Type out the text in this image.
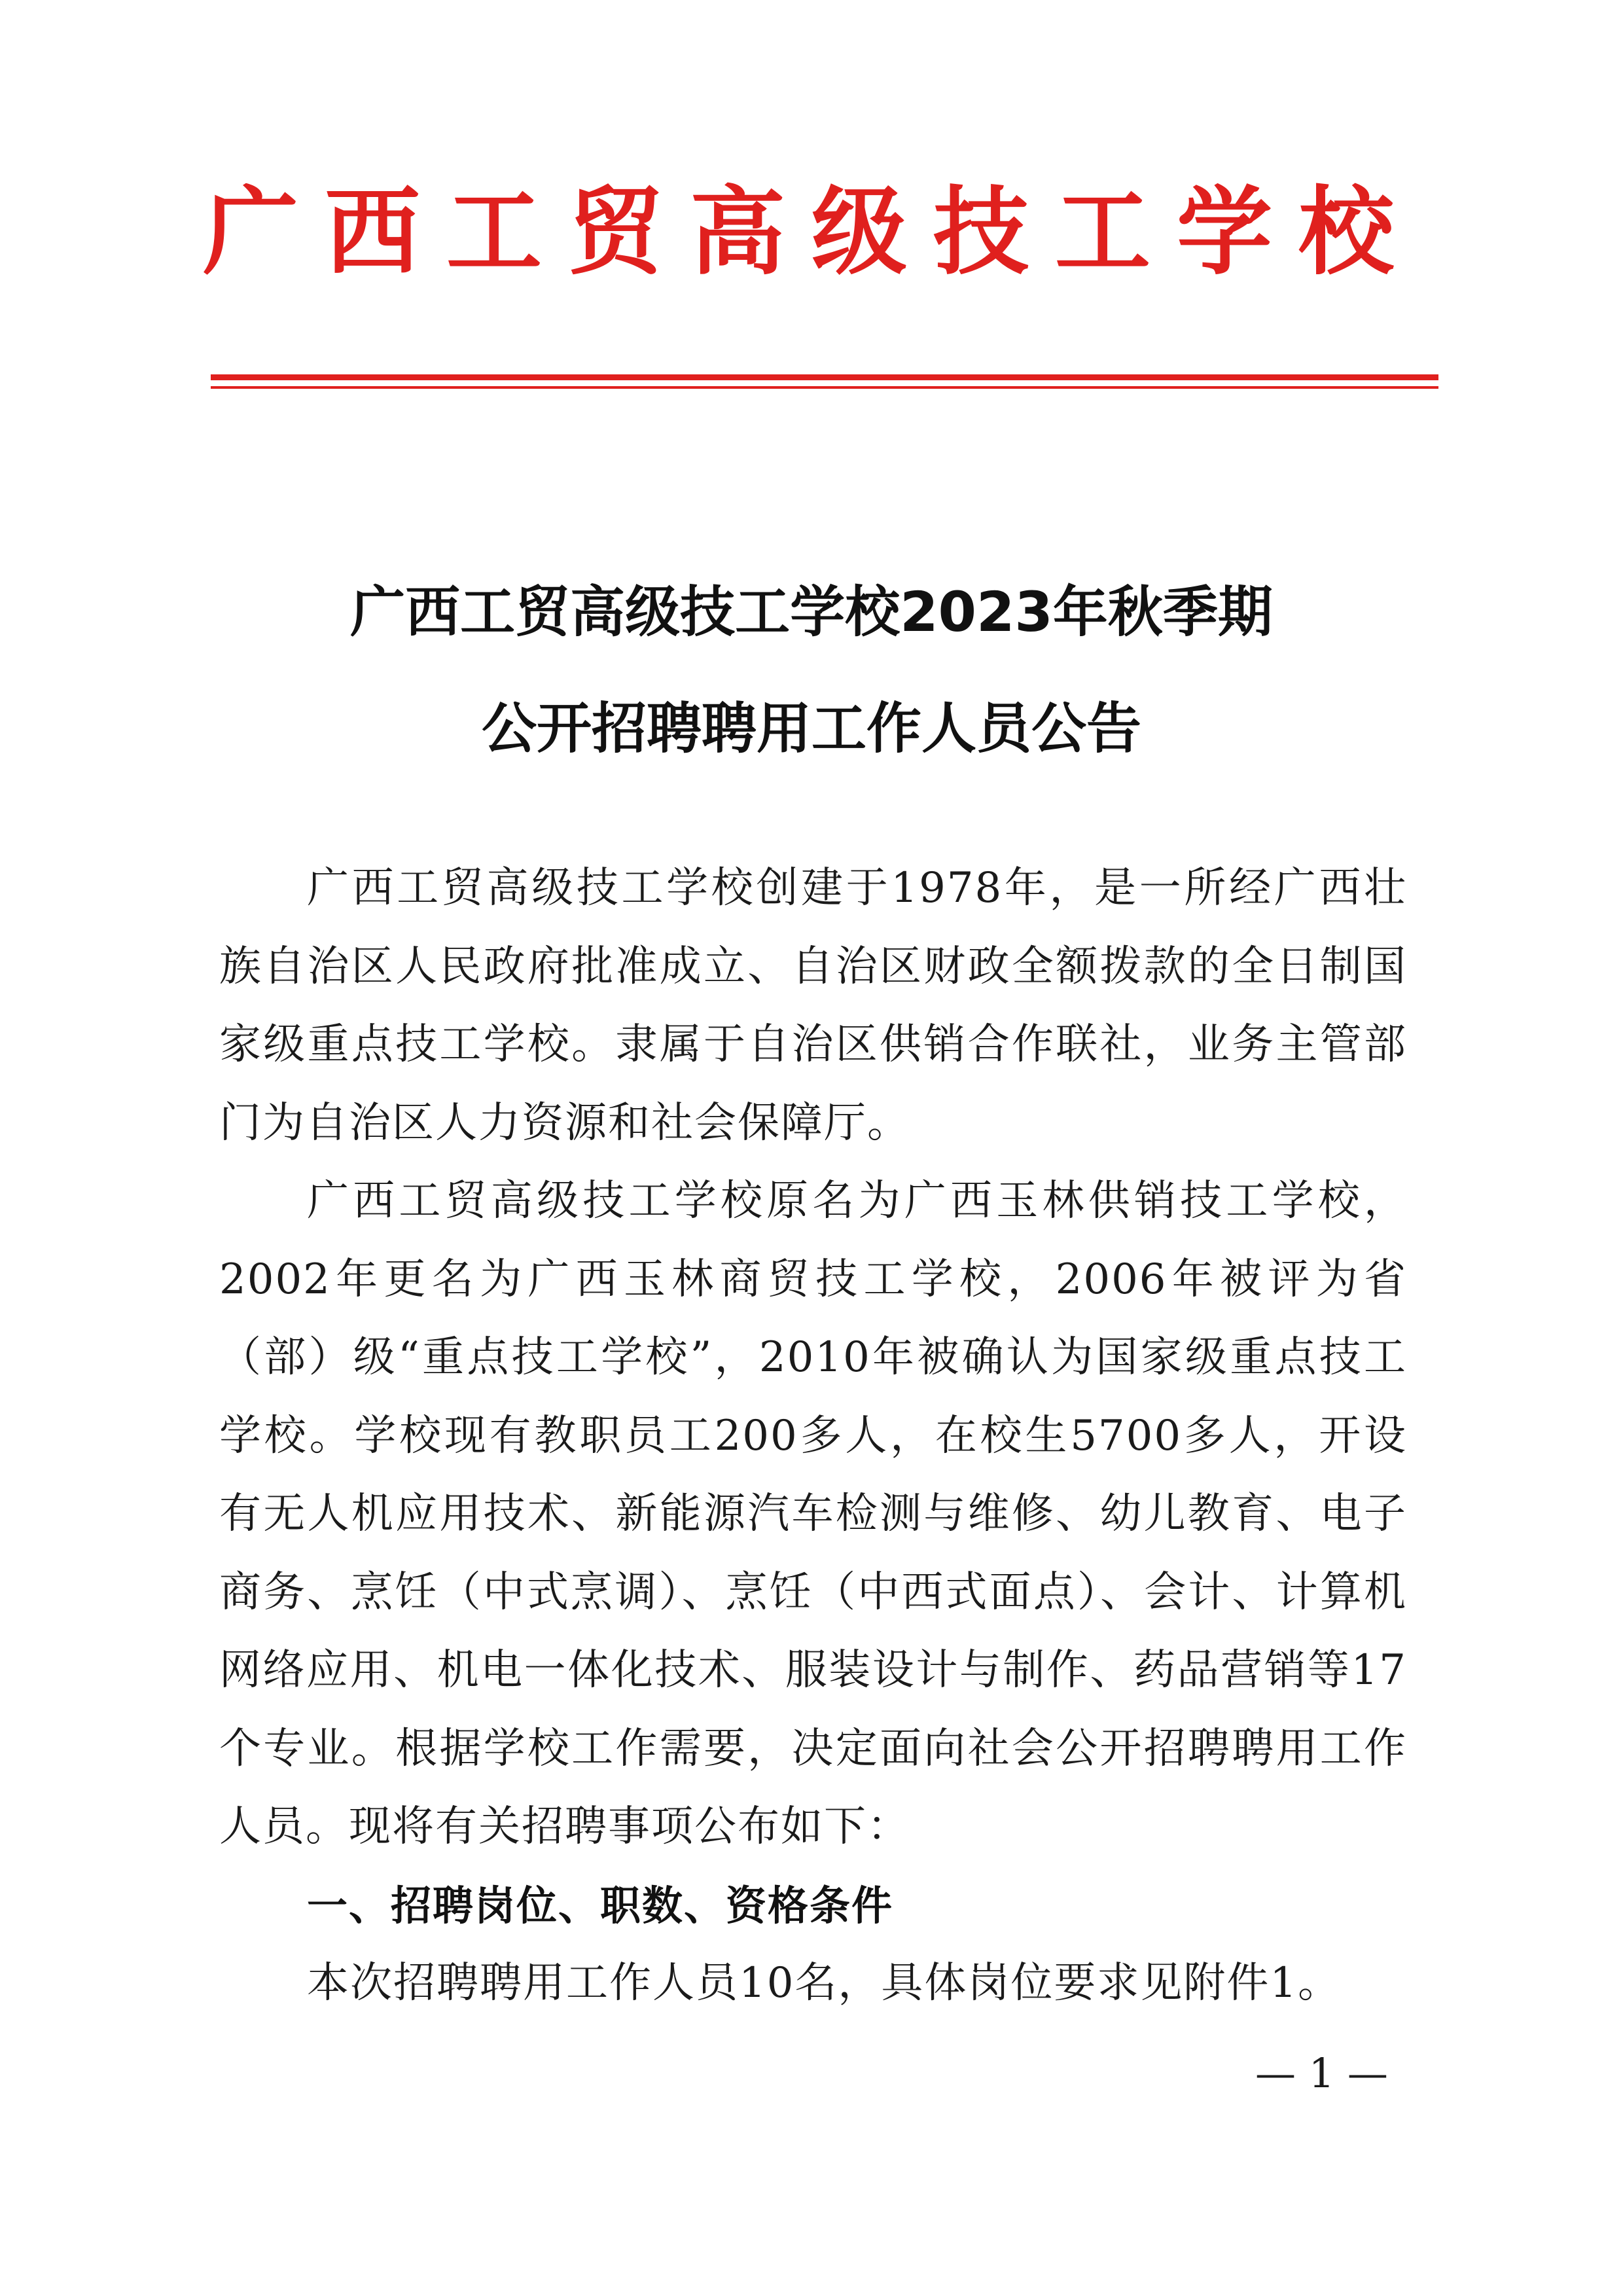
广西工贸高级技工学校
广西工贸高级技工学校2023年秋季期
公开招聘聘用工作人员公告

广西工贸高级技工学校创建于1978年，是一所经广西壮族自治区人民政府批准成立、自治区财政全额拨款的全日制国家级重点技工学校。隶属于自治区供销合作联社，业务主管部门为自治区人力资源和社会保障厅。

广西工贸高级技工学校原名为广西玉林供销技工学校，2002年更名为广西玉林商贸技工学校，2006年被评为省（部）级“重点技工学校”，2010年被确认为国家级重点技工学校。学校现有教职员工200多人，在校生5700多人，开设有无人机应用技术、新能源汽车检测与维修、幼儿教育、电子商务、烹饪（中式烹调）、烹饪（中西式面点）、会计、计算机网络应用、机电一体化技术、服装设计与制作、药品营销等17个专业。根据学校工作需要，决定面向社会公开招聘聘用工作人员。现将有关招聘事项公布如下：

一、招聘岗位、职数、资格条件

本次招聘聘用工作人员10名，具体岗位要求见附件1。

— 1 —
